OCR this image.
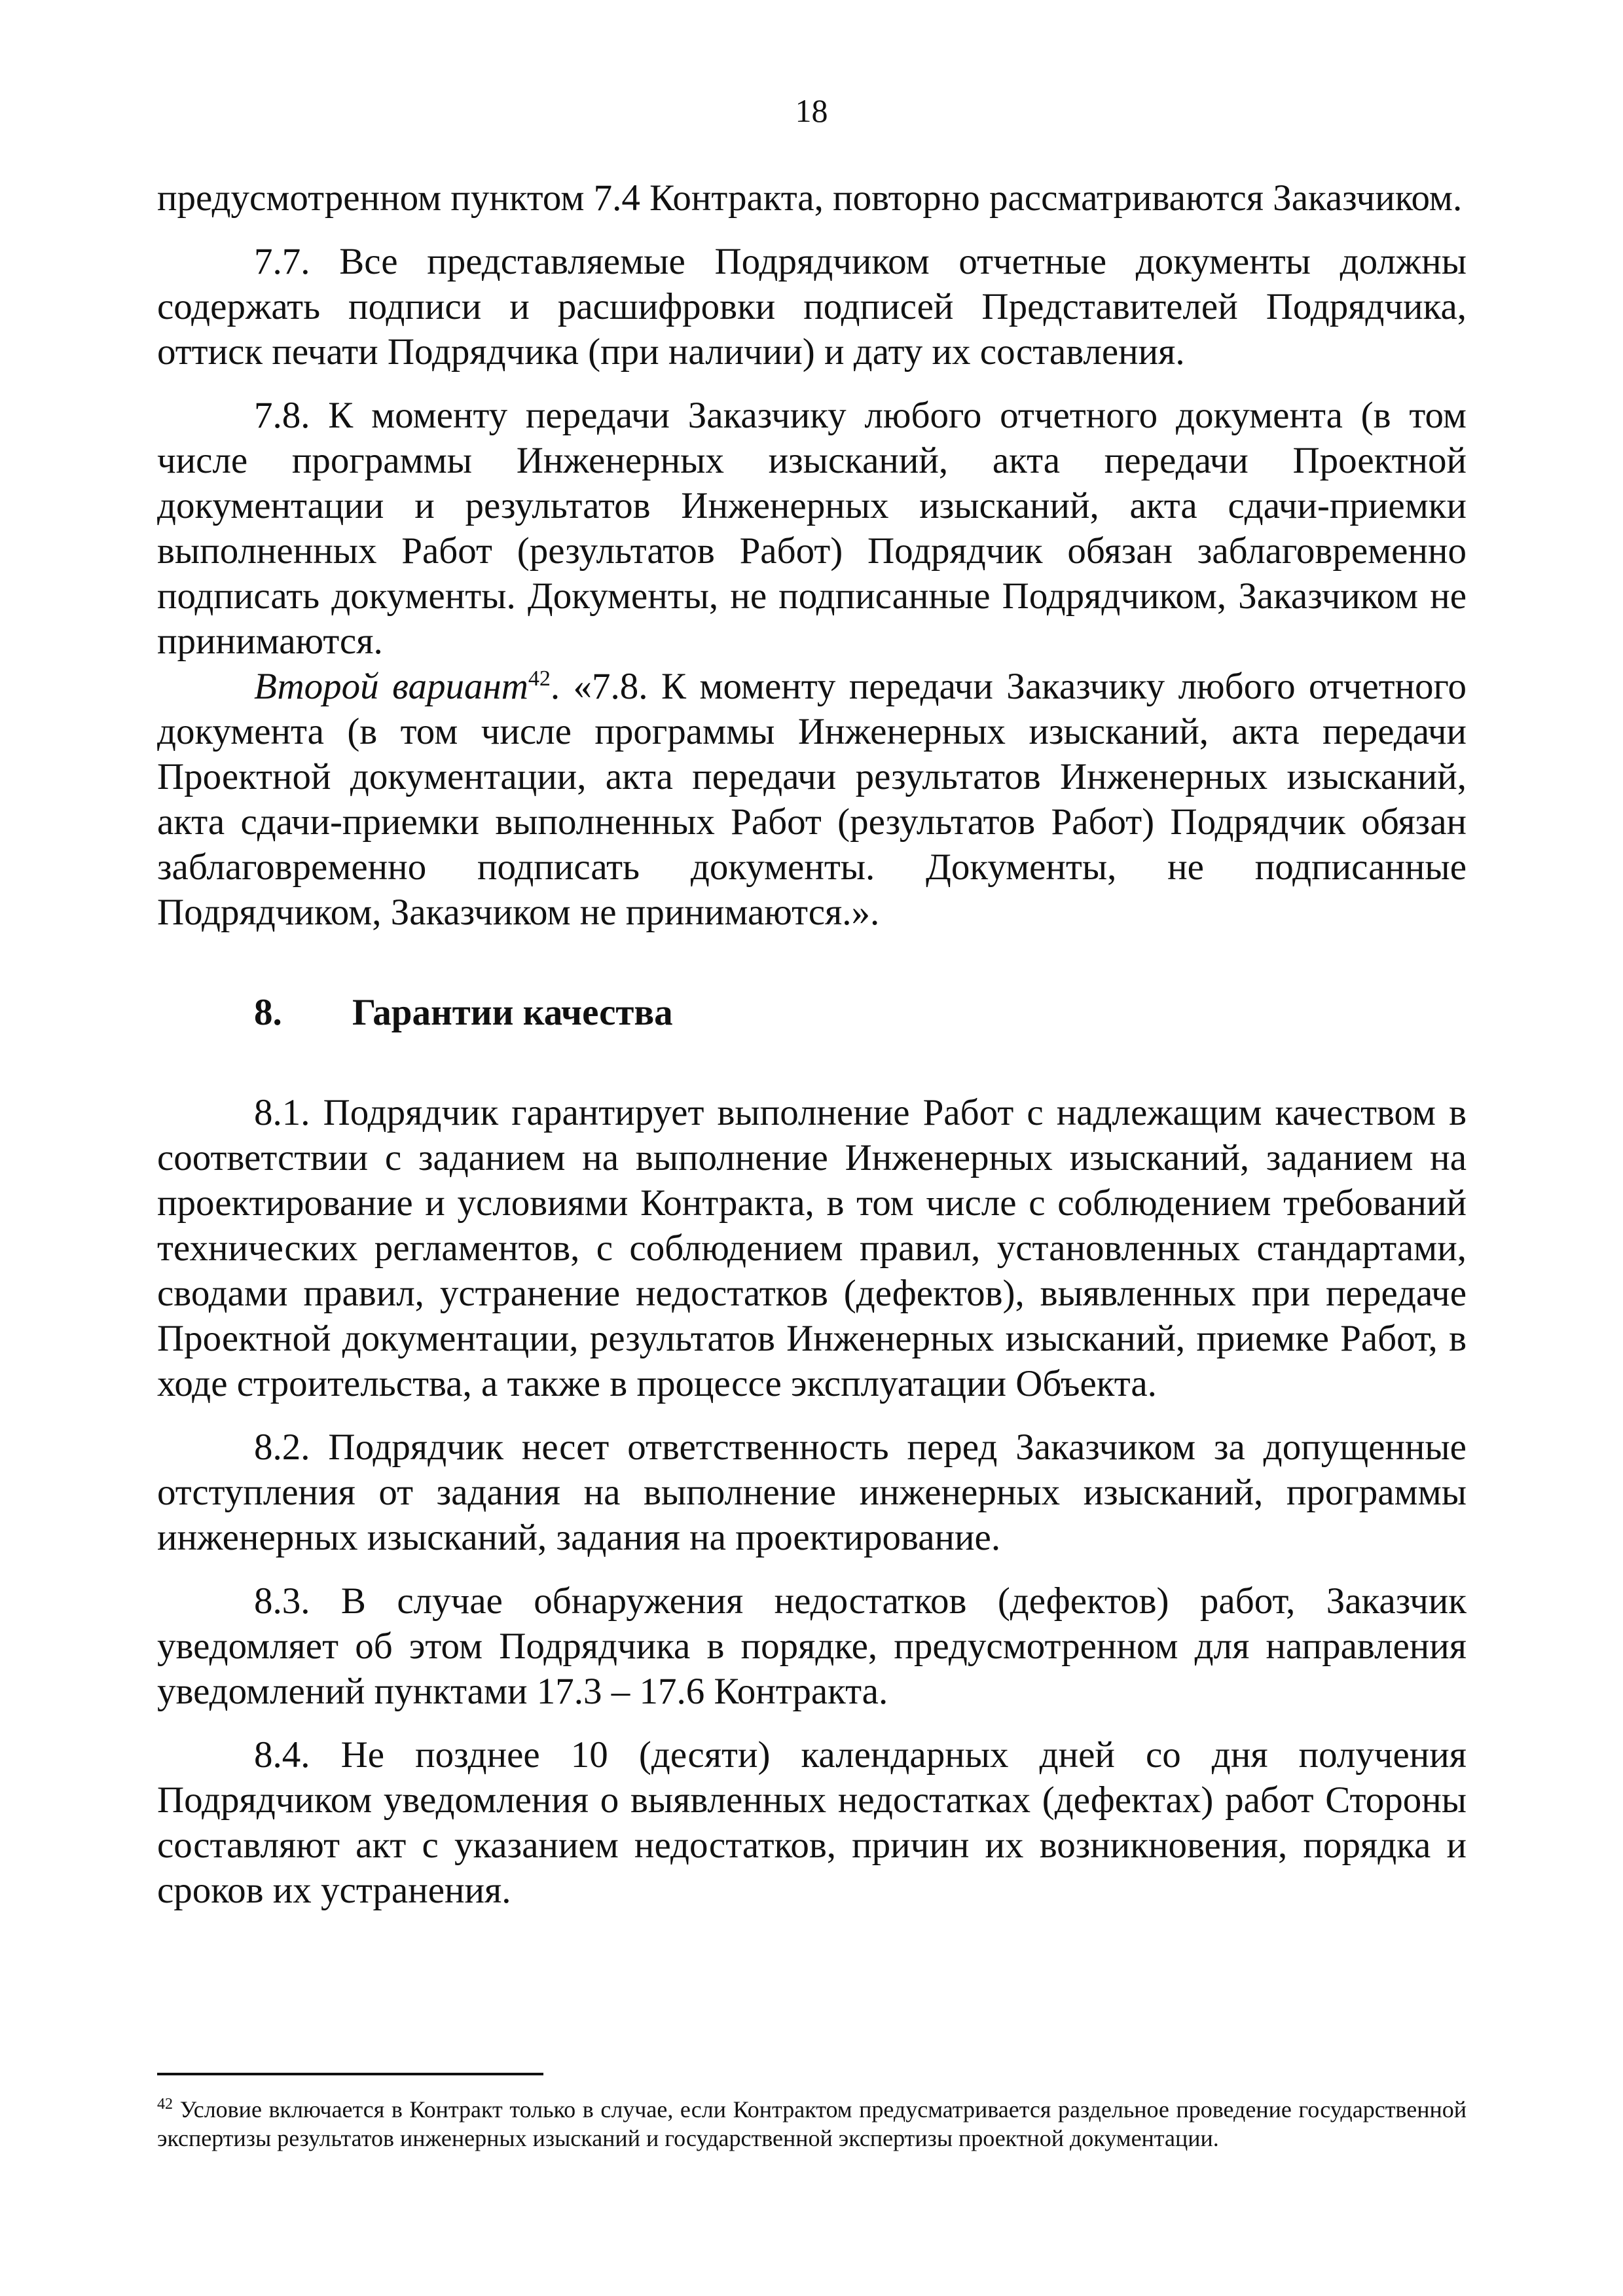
18

предусмотренном пунктом 7.4 Контракта, повторно рассматриваются Заказчиком.

7.7. Все представляемые Подрядчиком отчетные документы должны содержать подписи и расшифровки подписей Представителей Подрядчика, оттиск печати Подрядчика (при наличии) и дату их составления.

7.8. К моменту передачи Заказчику любого отчетного документа (в том числе программы Инженерных изысканий, акта передачи Проектной документации и результатов Инженерных изысканий, акта сдачи-приемки выполненных Работ (результатов Работ) Подрядчик обязан заблаговременно подписать документы. Документы, не подписанные Подрядчиком, Заказчиком не принимаются.

Второй вариант$^{42}$. «7.8. К моменту передачи Заказчику любого отчетного документа (в том числе программы Инженерных изысканий, акта передачи Проектной документации, акта передачи результатов Инженерных изысканий, акта сдачи-приемки выполненных Работ (результатов Работ) Подрядчик обязан заблаговременно подписать документы. Документы, не подписанные Подрядчиком, Заказчиком не принимаются.».

8. Гарантии качества

8.1. Подрядчик гарантирует выполнение Работ с надлежащим качеством в соответствии с заданием на выполнение Инженерных изысканий, заданием на проектирование и условиями Контракта, в том числе с соблюдением требований технических регламентов, с соблюдением правил, установленных стандартами, сводами правил, устранение недостатков (дефектов), выявленных при передаче Проектной документации, результатов Инженерных изысканий, приемке Работ, в ходе строительства, а также в процессе эксплуатации Объекта.

8.2. Подрядчик несет ответственность перед Заказчиком за допущенные отступления от задания на выполнение инженерных изысканий, программы инженерных изысканий, задания на проектирование.

8.3. В случае обнаружения недостатков (дефектов) работ, Заказчик уведомляет об этом Подрядчика в порядке, предусмотренном для направления уведомлений пунктами 17.3 – 17.6 Контракта.

8.4. Не позднее 10 (десяти) календарных дней со дня получения Подрядчиком уведомления о выявленных недостатках (дефектах) работ Стороны составляют акт с указанием недостатков, причин их возникновения, порядка и сроков их устранения.

$^{42}$ Условие включается в Контракт только в случае, если Контрактом предусматривается раздельное проведение государственной экспертизы результатов инженерных изысканий и государственной экспертизы проектной документации.
